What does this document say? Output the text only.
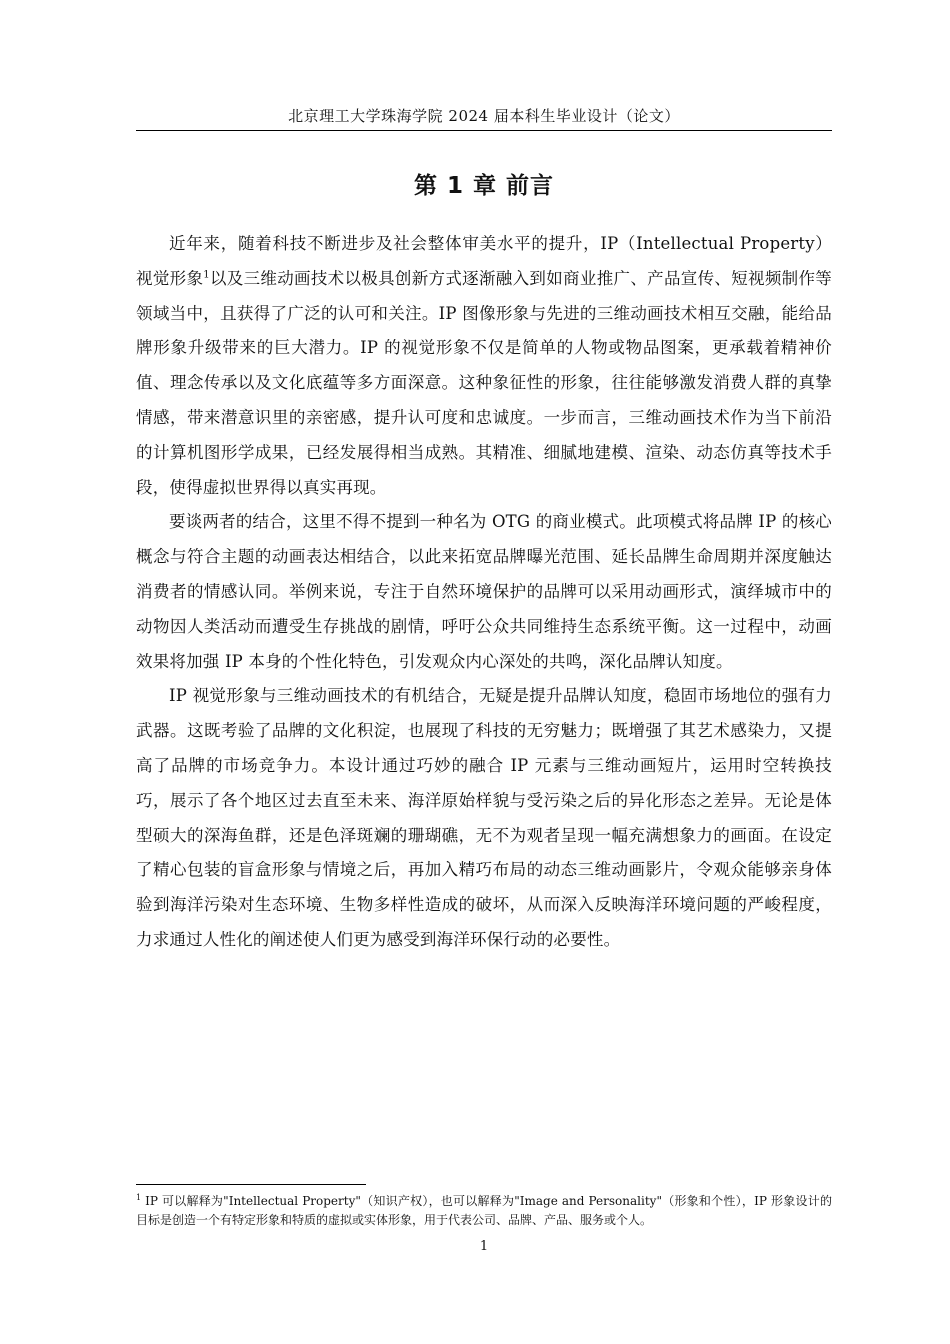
北京理工大学珠海学院 2024 届本科生毕业设计（论文）
第 1 章 前言

近年来，随着科技不断进步及社会整体审美水平的提升，IP（Intellectual Property）视觉形象$^1$以及三维动画技术以极具创新方式逐渐融入到如商业推广、产品宣传、短视频制作等领域当中，且获得了广泛的认可和关注。IP 图像形象与先进的三维动画技术相互交融，能给品牌形象升级带来的巨大潜力。IP 的视觉形象不仅是简单的人物或物品图案，更承载着精神价值、理念传承以及文化底蕴等多方面深意。这种象征性的形象，往往能够激发消费人群的真挚情感，带来潜意识里的亲密感，提升认可度和忠诚度。一步而言，三维动画技术作为当下前沿的计算机图形学成果，已经发展得相当成熟。其精准、细腻地建模、渲染、动态仿真等技术手段，使得虚拟世界得以真实再现。

要谈两者的结合，这里不得不提到一种名为 OTG 的商业模式。此项模式将品牌 IP 的核心概念与符合主题的动画表达相结合，以此来拓宽品牌曝光范围、延长品牌生命周期并深度触达消费者的情感认同。举例来说，专注于自然环境保护的品牌可以采用动画形式，演绎城市中的动物因人类活动而遭受生存挑战的剧情，呼吁公众共同维持生态系统平衡。这一过程中，动画效果将加强 IP 本身的个性化特色，引发观众内心深处的共鸣，深化品牌认知度。

IP 视觉形象与三维动画技术的有机结合，无疑是提升品牌认知度，稳固市场地位的强有力武器。这既考验了品牌的文化积淀，也展现了科技的无穷魅力；既增强了其艺术感染力，又提高了品牌的市场竞争力。本设计通过巧妙的融合 IP 元素与三维动画短片，运用时空转换技巧，展示了各个地区过去直至未来、海洋原始样貌与受污染之后的异化形态之差异。无论是体型硕大的深海鱼群，还是色泽斑斓的珊瑚礁，无不为观者呈现一幅充满想象力的画面。在设定了精心包装的盲盒形象与情境之后，再加入精巧布局的动态三维动画影片，令观众能够亲身体验到海洋污染对生态环境、生物多样性造成的破坏，从而深入反映海洋环境问题的严峻程度，力求通过人性化的阐述使人们更为感受到海洋环保行动的必要性。

$^1$ IP 可以解释为"Intellectual Property"（知识产权），也可以解释为"Image and Personality"（形象和个性），IP 形象设计的目标是创造一个有特定形象和特质的虚拟或实体形象，用于代表公司、品牌、产品、服务或个人。
1
